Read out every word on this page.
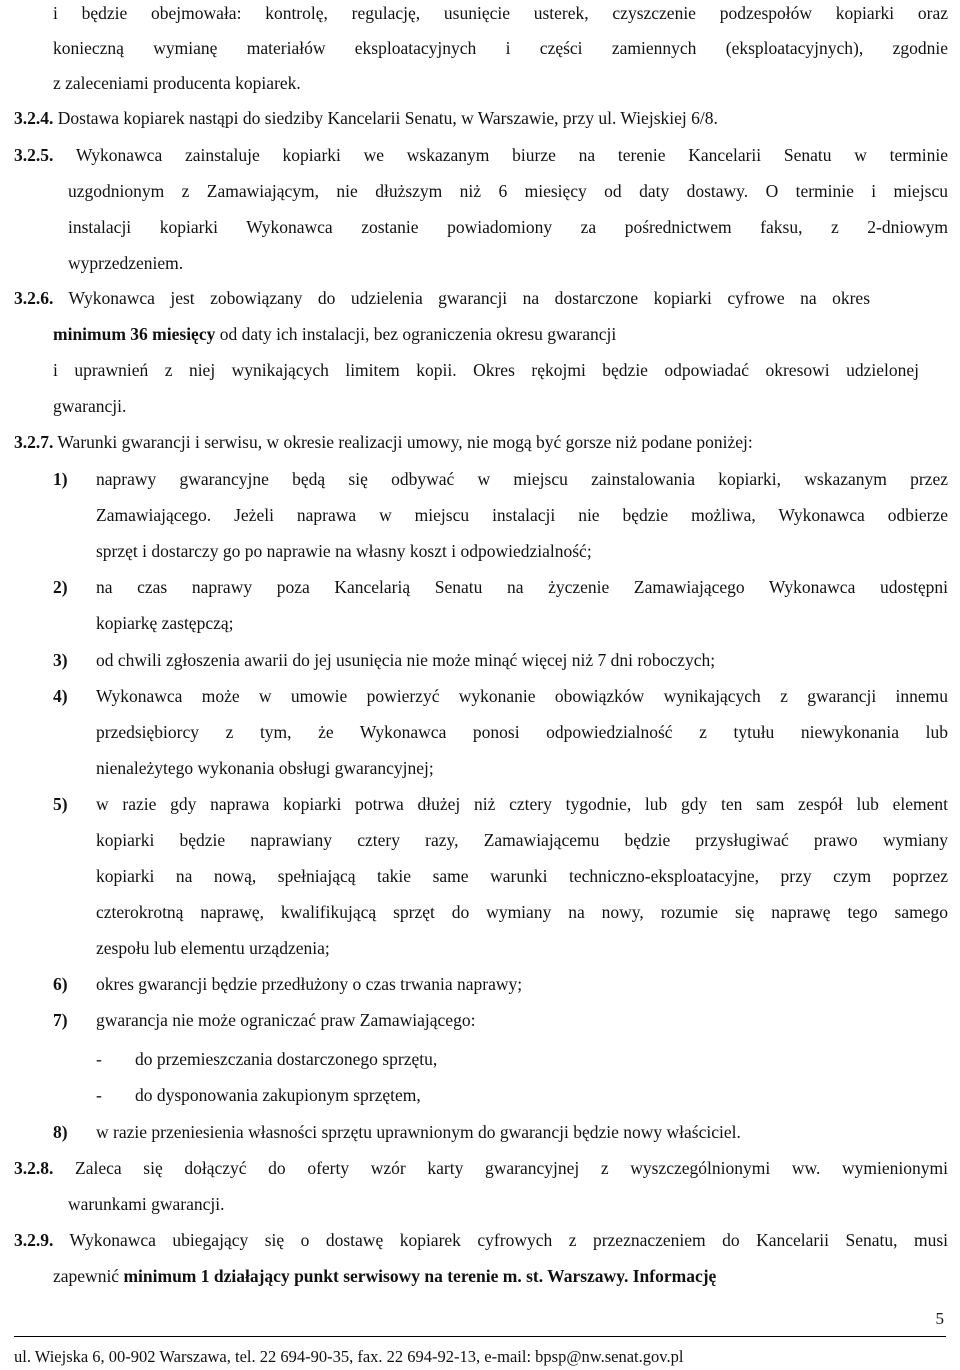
i będzie obejmowała: kontrolę, regulację, usunięcie usterek, czyszczenie podzespołów kopiarki oraz
konieczną wymianę materiałów eksploatacyjnych i części zamiennych (eksploatacyjnych), zgodnie
z zaleceniami producenta kopiarek.
3.2.4. Dostawa kopiarek nastąpi do siedziby Kancelarii Senatu, w Warszawie, przy ul. Wiejskiej 6/8.
3.2.5. Wykonawca zainstaluje kopiarki we wskazanym biurze na terenie Kancelarii Senatu w terminie
uzgodnionym z Zamawiającym, nie dłuższym niż 6 miesięcy od daty dostawy. O terminie i miejscu
instalacji kopiarki Wykonawca zostanie powiadomiony za pośrednictwem faksu, z 2-dniowym
wyprzedzeniem.
3.2.6. Wykonawca jest zobowiązany do udzielenia gwarancji na dostarczone kopiarki cyfrowe na okres
minimum 36 miesięcy od daty ich instalacji, bez ograniczenia okresu gwarancji
i uprawnień z niej wynikających limitem kopii. Okres rękojmi będzie odpowiadać okresowi udzielonej
gwarancji.
3.2.7. Warunki gwarancji i serwisu, w okresie realizacji umowy, nie mogą być gorsze niż podane poniżej:
1) naprawy gwarancyjne będą się odbywać w miejscu zainstalowania kopiarki, wskazanym przez
Zamawiającego. Jeżeli naprawa w miejscu instalacji nie będzie możliwa, Wykonawca odbierze
sprzęt i dostarczy go po naprawie na własny koszt i odpowiedzialność;
2) na czas naprawy poza Kancelarią Senatu na życzenie Zamawiającego Wykonawca udostępni
kopiarkę zastępczą;
3) od chwili zgłoszenia awarii do jej usunięcia nie może minąć więcej niż 7 dni roboczych;
4) Wykonawca może w umowie powierzyć wykonanie obowiązków wynikających z gwarancji innemu
przedsiębiorcy z tym, że Wykonawca ponosi odpowiedzialność z tytułu niewykonania lub
nienależytego wykonania obsługi gwarancyjnej;
5) w razie gdy naprawa kopiarki potrwa dłużej niż cztery tygodnie, lub gdy ten sam zespół lub element
kopiarki będzie naprawiany cztery razy, Zamawiającemu będzie przysługiwać prawo wymiany
kopiarki na nową, spełniającą takie same warunki techniczno-eksploatacyjne, przy czym poprzez
czterokrotną naprawę, kwalifikującą sprzęt do wymiany na nowy, rozumie się naprawę tego samego
zespołu lub elementu urządzenia;
6) okres gwarancji będzie przedłużony o czas trwania naprawy;
7) gwarancja nie może ograniczać praw Zamawiającego:
- do przemieszczania dostarczonego sprzętu,
- do dysponowania zakupionym sprzętem,
8) w razie przeniesienia własności sprzętu uprawnionym do gwarancji będzie nowy właściciel.
3.2.8. Zaleca się dołączyć do oferty wzór karty gwarancyjnej z wyszczególnionymi ww. wymienionymi
warunkami gwarancji.
3.2.9. Wykonawca ubiegający się o dostawę kopiarek cyfrowych z przeznaczeniem do Kancelarii Senatu, musi
zapewnić minimum 1 działający punkt serwisowy na terenie m. st. Warszawy. Informację
5
ul. Wiejska 6, 00-902 Warszawa, tel. 22 694-90-35, fax. 22 694-92-13, e-mail: bpsp@nw.senat.gov.pl
